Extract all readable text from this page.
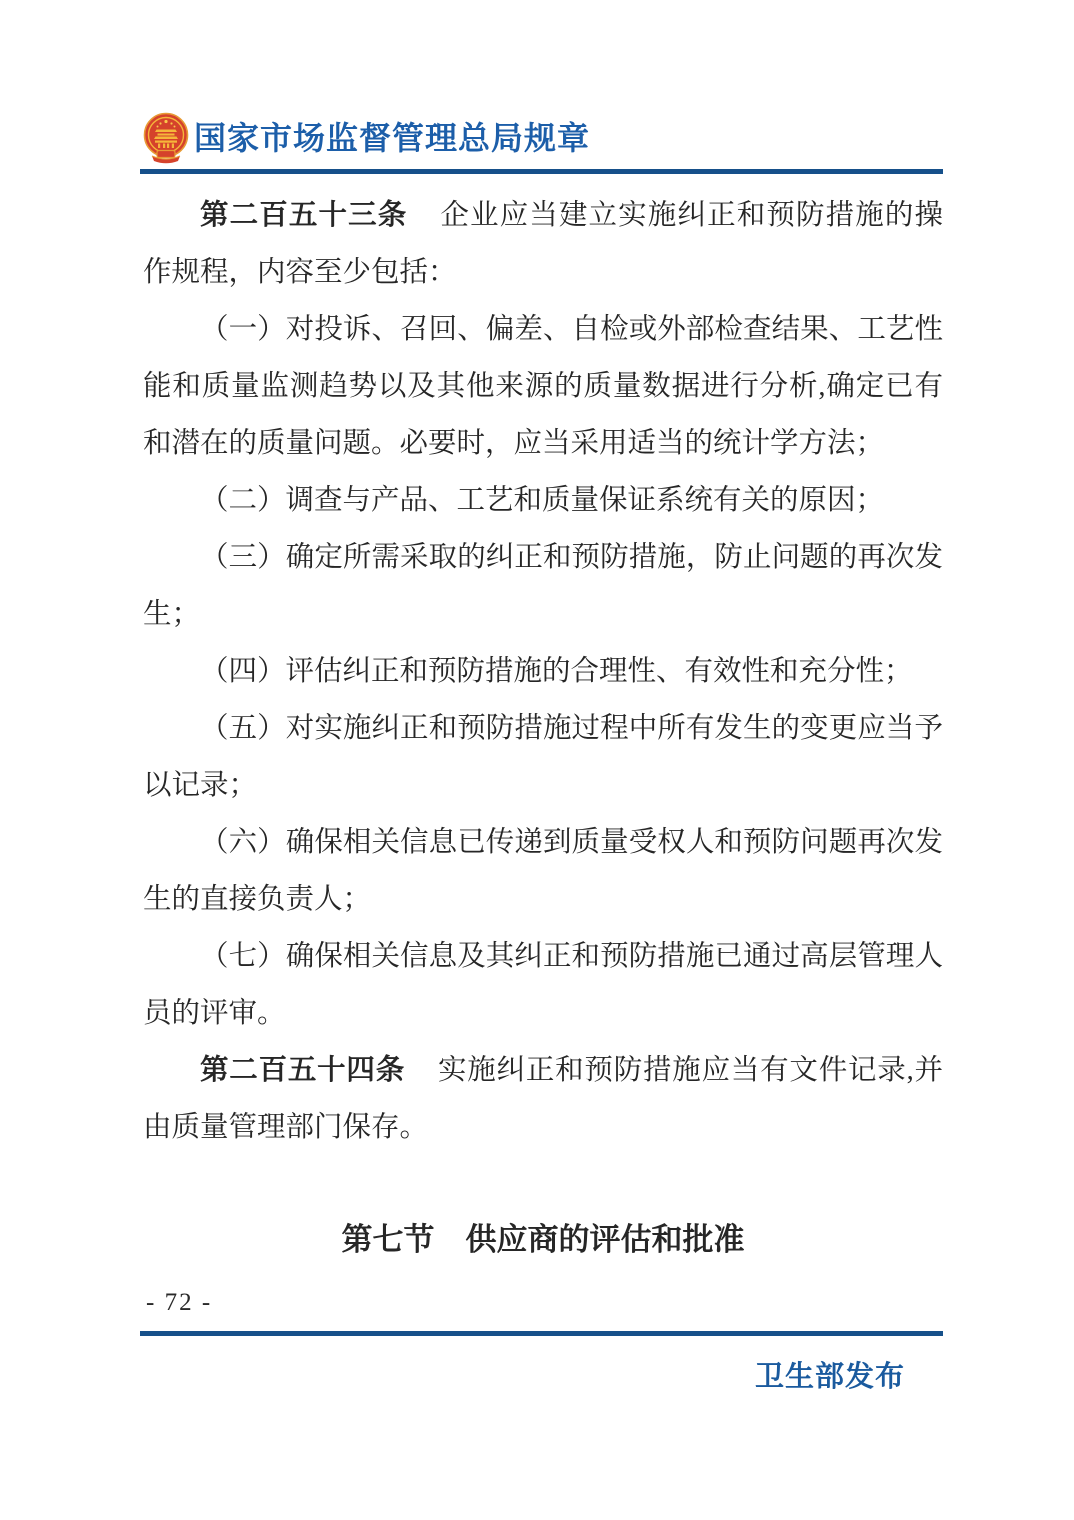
国家市场监督管理总局规章

第二百五十三条 企业应当建立实施纠正和预防措施的操作规程，内容至少包括：

（一）对投诉、召回、偏差、自检或外部检查结果、工艺性能和质量监测趋势以及其他来源的质量数据进行分析,确定已有和潜在的质量问题。必要时，应当采用适当的统计学方法；

（二）调查与产品、工艺和质量保证系统有关的原因；

（三）确定所需采取的纠正和预防措施，防止问题的再次发生；

（四）评估纠正和预防措施的合理性、有效性和充分性；

（五）对实施纠正和预防措施过程中所有发生的变更应当予以记录；

（六）确保相关信息已传递到质量受权人和预防问题再次发生的直接负责人；

（七）确保相关信息及其纠正和预防措施已通过高层管理人员的评审。

第二百五十四条 实施纠正和预防措施应当有文件记录,并由质量管理部门保存。

第七节　供应商的评估和批准

- 72 -
卫生部发布
